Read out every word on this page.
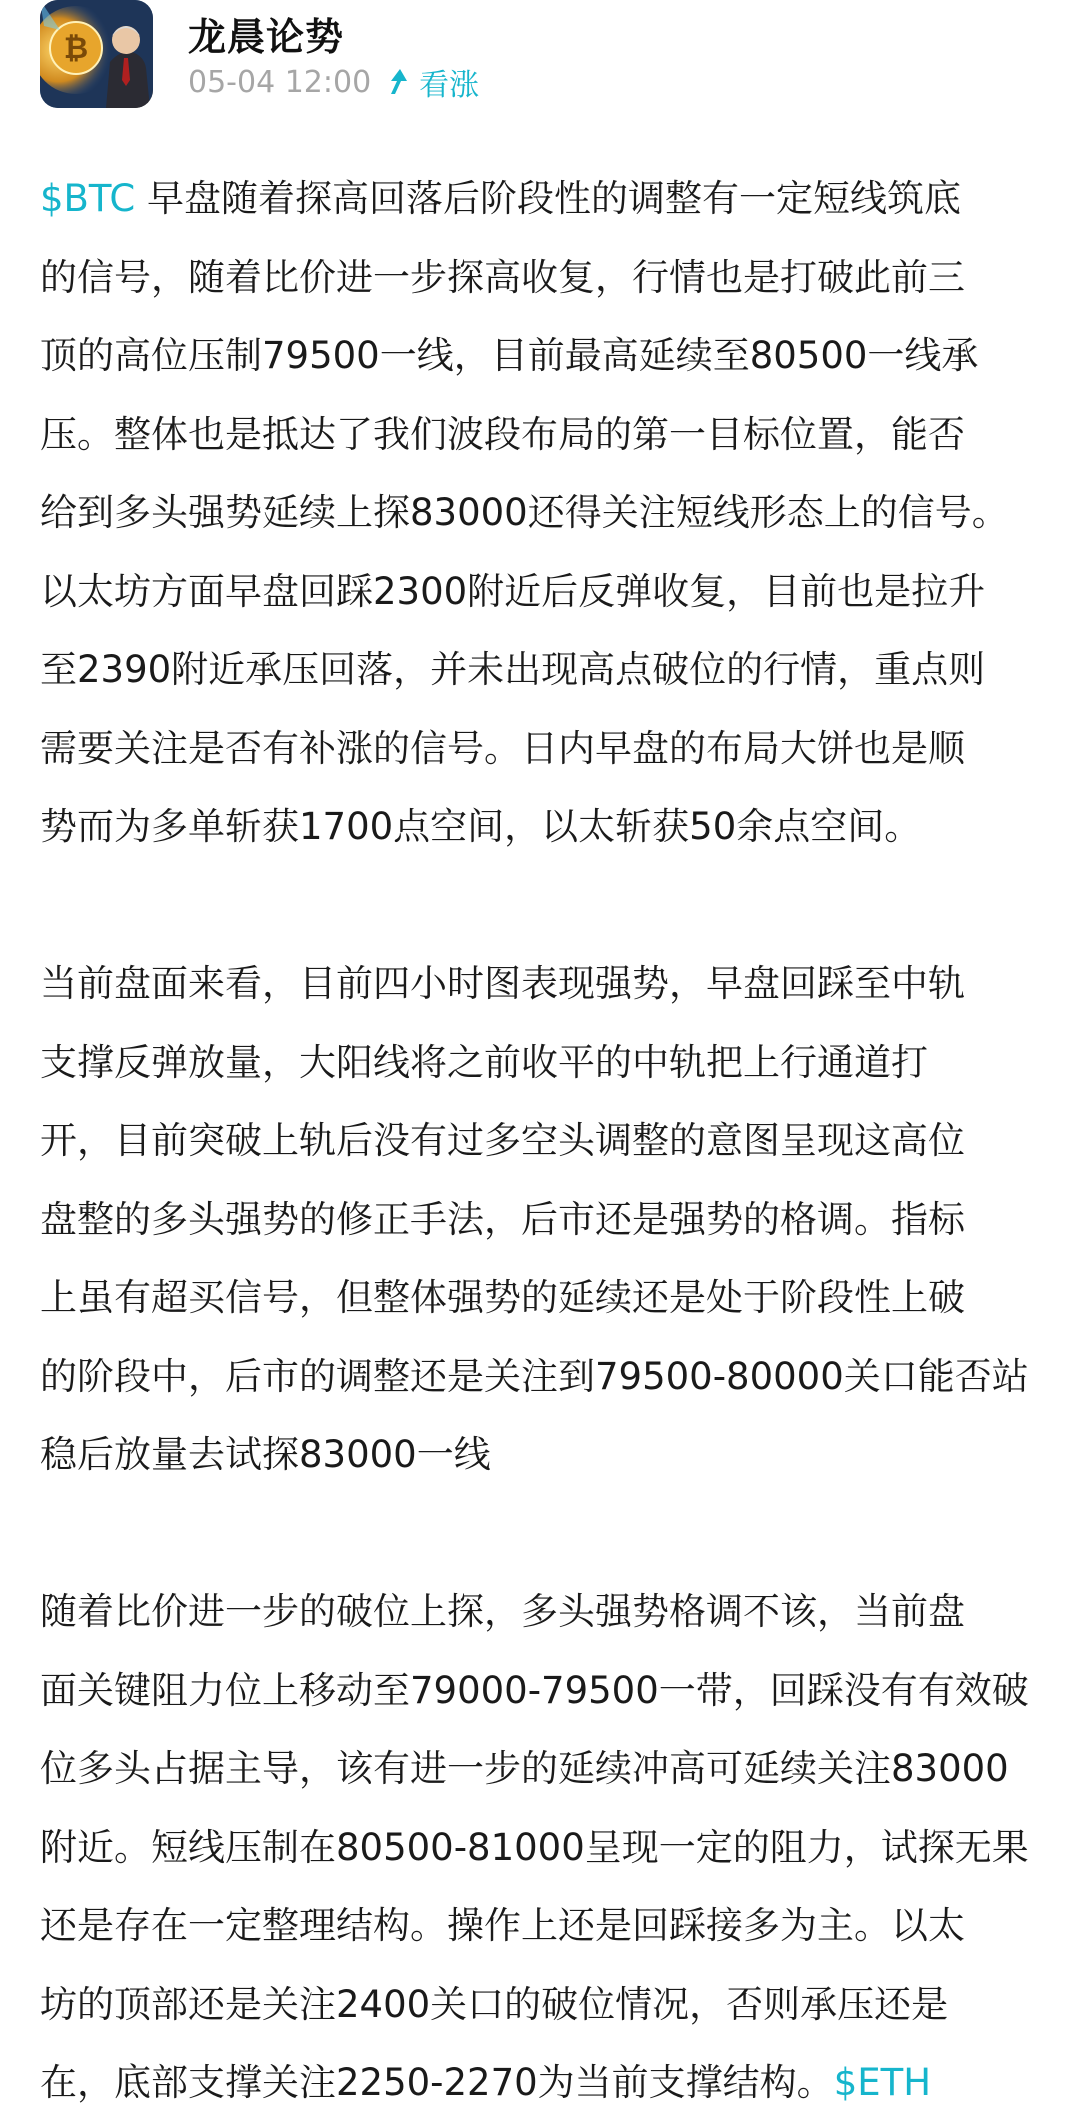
₿	龙晨论势
05-04 12:00 看涨
$BTC 早盘随着探高回落后阶段性的调整有一定短线筑底
的信号，随着比价进一步探高收复，行情也是打破此前三
顶的高位压制79500一线，目前最高延续至80500一线承
压。整体也是抵达了我们波段布局的第一目标位置，能否
给到多头强势延续上探83000还得关注短线形态上的信号。
以太坊方面早盘回踩2300附近后反弹收复，目前也是拉升
至2390附近承压回落，并未出现高点破位的行情，重点则
需要关注是否有补涨的信号。日内早盘的布局大饼也是顺
势而为多单斩获1700点空间，以太斩获50余点空间。
当前盘面来看，目前四小时图表现强势，早盘回踩至中轨
支撑反弹放量，大阳线将之前收平的中轨把上行通道打
开，目前突破上轨后没有过多空头调整的意图呈现这高位
盘整的多头强势的修正手法，后市还是强势的格调。指标
上虽有超买信号，但整体强势的延续还是处于阶段性上破
的阶段中，后市的调整还是关注到79500-80000关口能否站
稳后放量去试探83000一线
随着比价进一步的破位上探，多头强势格调不该，当前盘
面关键阻力位上移动至79000-79500一带，回踩没有有效破
位多头占据主导，该有进一步的延续冲高可延续关注83000
附近。短线压制在80500-81000呈现一定的阻力，试探无果
还是存在一定整理结构。操作上还是回踩接多为主。以太
坊的顶部还是关注2400关口的破位情况，否则承压还是
在，底部支撑关注2250-2270为当前支撑结构。$ETH
